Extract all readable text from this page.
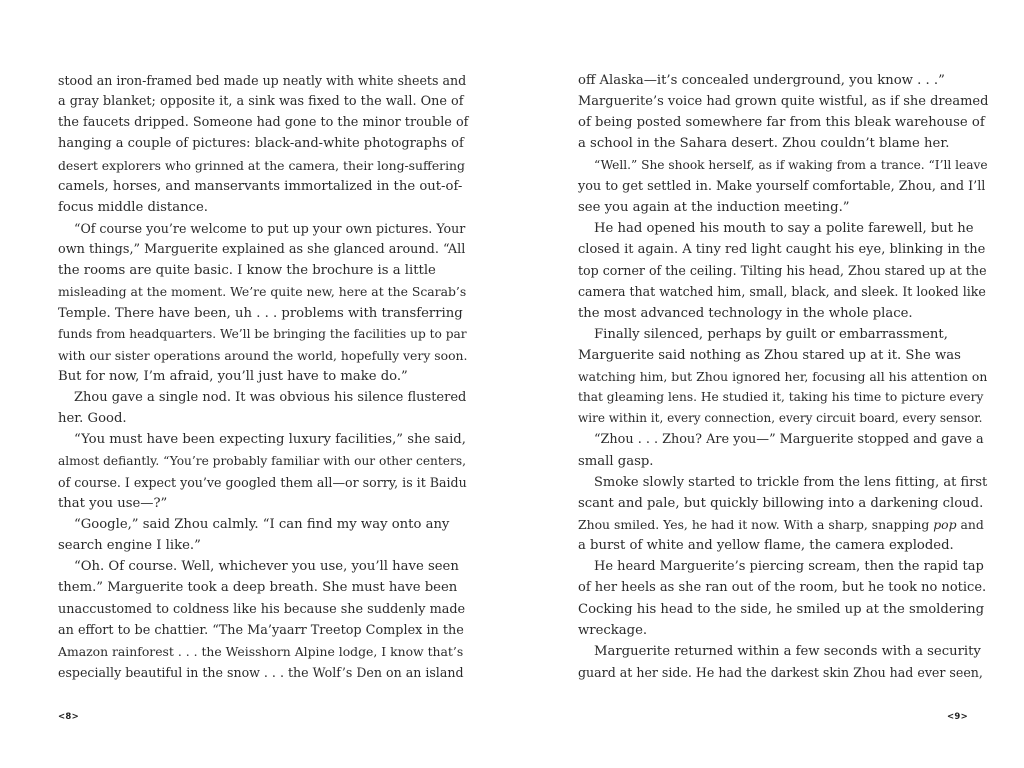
stood an iron-framed bed made up neatly with white sheets and
a gray blanket; opposite it, a sink was fixed to the wall. One of
the faucets dripped. Someone had gone to the minor trouble of
hanging a couple of pictures: black-and-white photographs of
desert explorers who grinned at the camera, their long-suffering
camels, horses, and manservants immortalized in the out-of-
focus middle distance.
“Of course you’re welcome to put up your own pictures. Your
own things,” Marguerite explained as she glanced around. “All
the rooms are quite basic. I know the brochure is a little
misleading at the moment. We’re quite new, here at the Scarab’s
Temple. There have been, uh . . . problems with transferring
funds from headquarters. We’ll be bringing the facilities up to par
with our sister operations around the world, hopefully very soon.
But for now, I’m afraid, you’ll just have to make do.”
Zhou gave a single nod. It was obvious his silence flustered
her. Good.
“You must have been expecting luxury facilities,” she said,
almost defiantly. “You’re probably familiar with our other centers,
of course. I expect you’ve googled them all—or sorry, is it Baidu
that you use—?”
“Google,” said Zhou calmly. “I can find my way onto any
search engine I like.”
“Oh. Of course. Well, whichever you use, you’ll have seen
them.” Marguerite took a deep breath. She must have been
unaccustomed to coldness like his because she suddenly made
an effort to be chattier. “The Ma’yaarr Treetop Complex in the
Amazon rainforest . . . the Weisshorn Alpine lodge, I know that’s
especially beautiful in the snow . . . the Wolf’s Den on an island
<8>
off Alaska—it’s concealed underground, you know . . .”
Marguerite’s voice had grown quite wistful, as if she dreamed
of being posted somewhere far from this bleak warehouse of
a school in the Sahara desert. Zhou couldn’t blame her.
“Well.” She shook herself, as if waking from a trance. “I’ll leave
you to get settled in. Make yourself comfortable, Zhou, and I’ll
see you again at the induction meeting.”
He had opened his mouth to say a polite farewell, but he
closed it again. A tiny red light caught his eye, blinking in the
top corner of the ceiling. Tilting his head, Zhou stared up at the
camera that watched him, small, black, and sleek. It looked like
the most advanced technology in the whole place.
Finally silenced, perhaps by guilt or embarrassment,
Marguerite said nothing as Zhou stared up at it. She was
watching him, but Zhou ignored her, focusing all his attention on
that gleaming lens. He studied it, taking his time to picture every
wire within it, every connection, every circuit board, every sensor.
“Zhou . . . Zhou? Are you—” Marguerite stopped and gave a
small gasp.
Smoke slowly started to trickle from the lens fitting, at first
scant and pale, but quickly billowing into a darkening cloud.
Zhou smiled. Yes, he had it now. With a sharp, snapping pop and
a burst of white and yellow flame, the camera exploded.
He heard Marguerite’s piercing scream, then the rapid tap
of her heels as she ran out of the room, but he took no notice.
Cocking his head to the side, he smiled up at the smoldering
wreckage.
Marguerite returned within a few seconds with a security
guard at her side. He had the darkest skin Zhou had ever seen,
<9>
